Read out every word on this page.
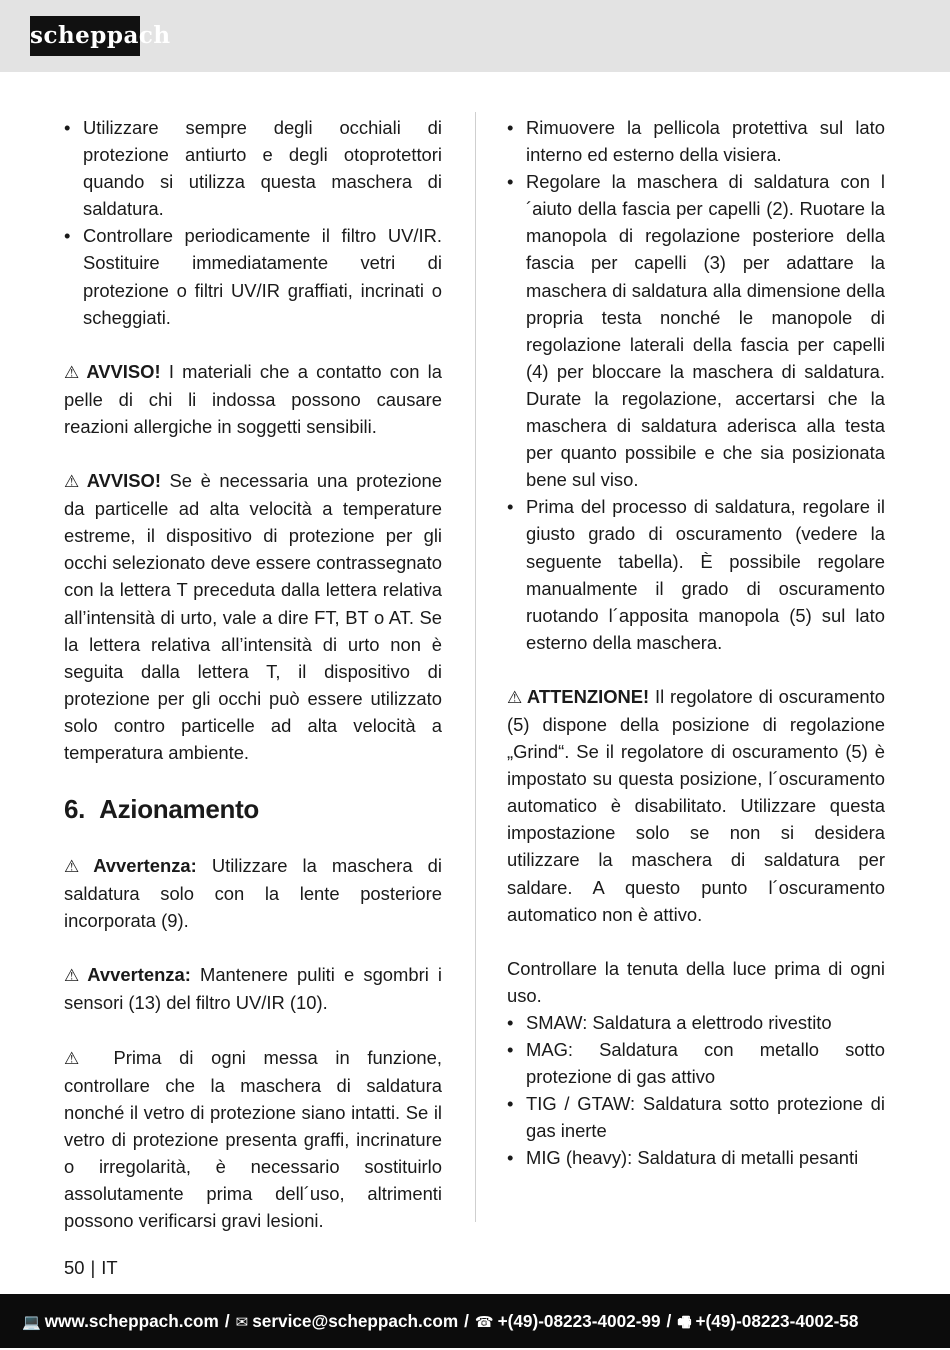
scheppach
• Utilizzare sempre degli occhiali di protezione antiurto e degli otoprotettori quando si utilizza questa maschera di saldatura.
• Controllare periodicamente il filtro UV/IR. Sostituire immediatamente vetri di protezione o filtri UV/IR graffiati, incrinati o scheggiati.

⚠ AVVISO! I materiali che a contatto con la pelle di chi li indossa possono causare reazioni allergiche in soggetti sensibili.

⚠ AVVISO! Se è necessaria una protezione da particelle ad alta velocità a temperature estreme, il dispositivo di protezione per gli occhi selezionato deve essere contrassegnato con la lettera T preceduta dalla lettera relativa all’intensità di urto, vale a dire FT, BT o AT. Se la lettera relativa all’intensità di urto non è seguita dalla lettera T, il dispositivo di protezione per gli occhi può essere utilizzato solo contro particelle ad alta velocità a temperatura ambiente.

6. Azionamento

⚠ Avvertenza: Utilizzare la maschera di saldatura solo con la lente posteriore incorporata (9).

⚠ Avvertenza: Mantenere puliti e sgombri i sensori (13) del filtro UV/IR (10).

⚠ Prima di ogni messa in funzione, controllare che la maschera di saldatura nonché il vetro di protezione siano intatti. Se il vetro di protezione presenta graffi, incrinature o irregolarità, è necessario sostituirlo assolutamente prima dell´uso, altrimenti possono verificarsi gravi lesioni.

• Rimuovere la pellicola protettiva sul lato interno ed esterno della visiera.
• Regolare la maschera di saldatura con l´aiuto della fascia per capelli (2). Ruotare la manopola di regolazione posteriore della fascia per capelli (3) per adattare la maschera di saldatura alla dimensione della propria testa nonché le manopole di regolazione laterali della fascia per capelli (4) per bloccare la maschera di saldatura. Durate la regolazione, accertarsi che la maschera di saldatura aderisca alla testa per quanto possibile e che sia posizionata bene sul viso.
• Prima del processo di saldatura, regolare il giusto grado di oscuramento (vedere la seguente tabella). È possibile regolare manualmente il grado di oscuramento ruotando l´apposita manopola (5) sul lato esterno della maschera.

⚠ ATTENZIONE! Il regolatore di oscuramento (5) dispone della posizione di regolazione „Grind“. Se il regolatore di oscuramento (5) è impostato su questa posizione, l´oscuramento automatico è disabilitato. Utilizzare questa impostazione solo se non si desidera utilizzare la maschera di saldatura per saldare. A questo punto l´oscuramento automatico non è attivo.

Controllare la tenuta della luce prima di ogni uso.

• SMAW: Saldatura a elettrodo rivestito
• MAG: Saldatura con metallo sotto protezione di gas attivo
• TIG / GTAW: Saldatura sotto protezione di gas inerte
• MIG (heavy): Saldatura di metalli pesanti
50 | IT
💻 www.scheppach.com / ✉ service@scheppach.com / ☎ +(49)-08223-4002-99 / 🖷 +(49)-08223-4002-58
